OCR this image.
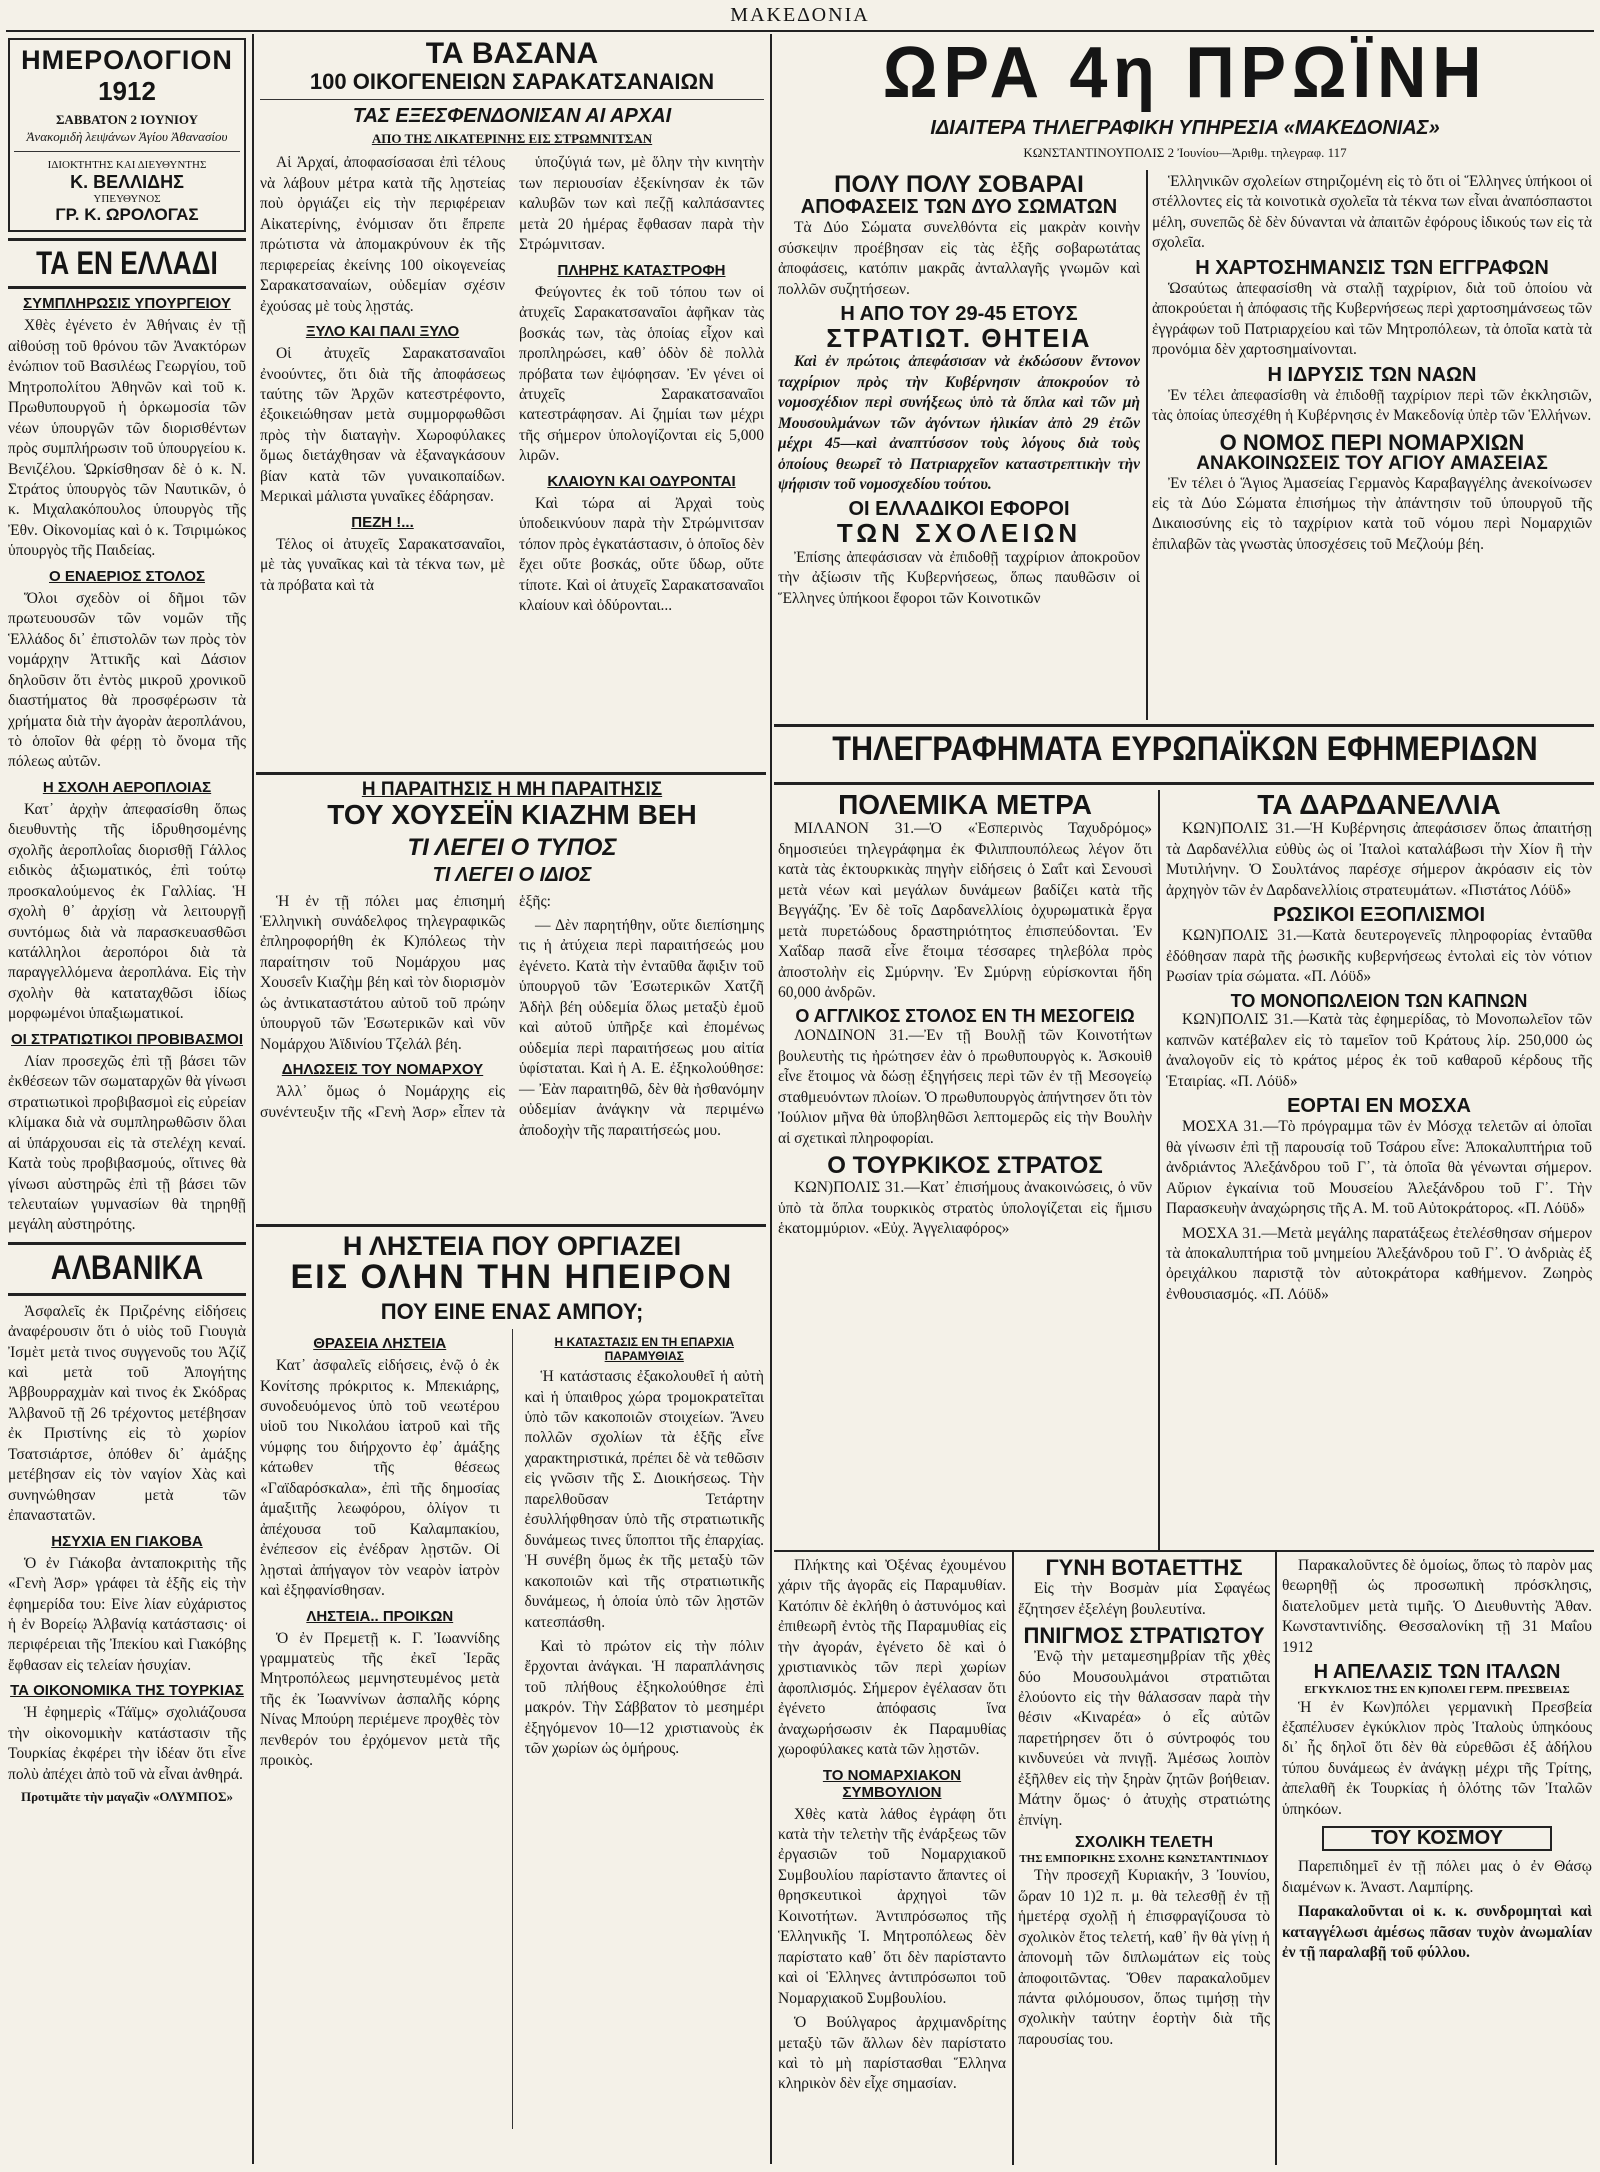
ΜΑΚΕΔΟΝΙΑ
ΗΜΕΡΟΛΟΓΙΟΝ
1912
ΣΑΒΒΑΤΟΝ 2 ΙΟΥΝΙΟΥ
Ἀνακομιδὴ λειψάνων Ἁγίου Ἀθανασίου
ΙΔΙΟΚΤΗΤΗΣ ΚΑΙ ΔΙΕΥΘΥΝΤΗΣ
Κ. ΒΕΛΛΙΔΗΣ
ΥΠΕΥΘΥΝΟΣ
ΓΡ. Κ. ΩΡΟΛΟΓΑΣ
ΤΑ ΕΝ ΕΛΛΑΔΙ
ΣΥΜΠΛΗΡΩΣΙΣ ΥΠΟΥΡΓΕΙΟΥ

Χθὲς ἐγένετο ἐν Ἀθήναις ἐν τῇ αἰθούσῃ τοῦ θρόνου τῶν Ἀνακτόρων ἐνώπιον τοῦ Βασιλέως Γεωργίου, τοῦ Μητροπολίτου Ἀθηνῶν καὶ τοῦ κ. Πρωθυπουργοῦ ἡ ὁρκωμοσία τῶν νέων ὑπουργῶν τῶν διορισθέντων πρὸς συμπλήρωσιν τοῦ ὑπουργείου κ. Βενιζέλου. Ὡρκίσθησαν δὲ ὁ κ. Ν. Στράτος ὑπουργὸς τῶν Ναυτικῶν, ὁ κ. Μιχαλακόπουλος ὑπουργὸς τῆς Ἐθν. Οἰκονομίας καὶ ὁ κ. Τσιριμώκος ὑπουργὸς τῆς Παιδείας.

Ο ΕΝΑΕΡΙΟΣ ΣΤΟΛΟΣ

Ὅλοι σχεδὸν οἱ δῆμοι τῶν πρωτευουσῶν τῶν νομῶν τῆς Ἑλλάδος δι᾽ ἐπιστολῶν των πρὸς τὸν νομάρχην Ἀττικῆς καὶ Δάσιον δηλοῦσιν ὅτι ἐντὸς μικροῦ χρονικοῦ διαστήματος θὰ προσφέρωσιν τὰ χρήματα διὰ τὴν ἀγορὰν ἀεροπλάνου, τὸ ὁποῖον θὰ φέρῃ τὸ ὄνομα τῆς πόλεως αὐτῶν.

Η ΣΧΟΛΗ ΑΕΡΟΠΛΟΙΑΣ

Κατ᾽ ἀρχὴν ἀπεφασίσθη ὅπως διευθυντὴς τῆς ἱδρυθησομένης σχολῆς ἀεροπλοΐας διορισθῇ Γάλλος ειδικὸς ἀξιωματικός, ἐπὶ τούτῳ προσκαλούμενος ἐκ Γαλλίας. Ἡ σχολὴ θ᾽ ἀρχίσῃ νὰ λειτουργῇ συντόμως διὰ νὰ παρασκευασθῶσι κατάλληλοι ἀεροπόροι διὰ τὰ παραγγελλόμενα ἀεροπλάνα. Εἰς τὴν σχολὴν θὰ καταταχθῶσι ἰδίως μορφωμένοι ὑπαξιωματικοί.

ΟΙ ΣΤΡΑΤΙΩΤΙΚΟΙ ΠΡΟΒΙΒΑΣΜΟΙ

Λίαν προσεχῶς ἐπὶ τῇ βάσει τῶν ἐκθέσεων τῶν σωματαρχῶν θὰ γίνωσι στρατιωτικοὶ προβιβασμοὶ εἰς εὐρείαν κλίμακα διὰ νὰ συμπληρωθῶσιν ὅλαι αἱ ὑπάρχουσαι εἰς τὰ στελέχη κεναί. Κατὰ τοὺς προβιβασμούς, οἵτινες θὰ γίνωσι αὐστηρῶς ἐπὶ τῇ βάσει τῶν τελευταίων γυμνασίων θὰ τηρηθῇ μεγάλη αὐστηρότης.

ΑΛΒΑΝΙΚΑ

Ἀσφαλεῖς ἐκ Πριζρένης εἰδήσεις ἀναφέρουσιν ὅτι ὁ υἱὸς τοῦ Γιουγιὰ Ἰσμὲτ μετὰ τινος συγγενοῦς του Ἀζίζ καὶ μετὰ τοῦ Ἀπογήτης Ἀββουρραχμὰν καὶ τινος ἐκ Σκόδρας Ἀλβανοῦ τῇ 26 τρέχοντος μετέβησαν ἐκ Πριστίνης εἰς τὸ χωρίον Τσατσιάρτσε, ὁπόθεν δι᾽ ἀμάξης μετέβησαν εἰς τὸν ναγίον Χὰς καὶ συνηνώθησαν μετὰ τῶν ἐπαναστατῶν.

ΗΣΥΧΙΑ ΕΝ ΓΙΑΚΟΒΑ

Ὁ ἐν Γιάκοβα ἀνταποκριτὴς τῆς «Γενὴ Ἀσρ» γράφει τὰ ἑξῆς εἰς τὴν ἐφημερίδα του: Εἰνε λίαν εὐχάριστος ἡ ἐν Βορείῳ Ἀλβανίᾳ κατάστασις· οἱ περιφέρειαι τῆς Ἰπεκίου καὶ Γιακόβης ἔφθασαν εἰς τελείαν ἡσυχίαν.

ΤΑ ΟΙΚΟΝΟΜΙΚΑ ΤΗΣ ΤΟΥΡΚΙΑΣ

Ἡ ἐφημερὶς «Τάϊμς» σχολιάζουσα τὴν οἰκονομικὴν κατάστασιν τῆς Τουρκίας ἐκφέρει τὴν ἰδέαν ὅτι εἶνε πολὺ ἀπέχει ἀπὸ τοῦ νὰ εἶναι ἀνθηρά.

Προτιμᾶτε τὴν μαγαζὶν «ΟΛΥΜΠΟΣ»
ΤΑ ΒΑΣΑΝΑ
100 ΟΙΚΟΓΕΝΕΙΩΝ ΣΑΡΑΚΑΤΣΑΝΑΙΩΝ
ΤΑΣ ΕΞΕΣΦΕΝΔΟΝΙΣΑΝ ΑΙ ΑΡΧΑΙ
ΑΠΟ ΤΗΣ ΛΙΚΑΤΕΡΙΝΗΣ ΕΙΣ ΣΤΡΩΜΝΙΤΣΑΝ

Αἱ Ἀρχαί, ἀποφασίσασαι ἐπὶ τέλους νὰ λάβουν μέτρα κατὰ τῆς λῃστείας ποὺ ὀργιάζει εἰς τὴν περιφέρειαν Αἰκατερίνης, ἐνόμισαν ὅτι ἔπρεπε πρώτιστα νὰ ἀπομακρύνουν ἐκ τῆς περιφερείας ἐκείνης 100 οἰκογενείας Σαρακατσαναίων, οὐδεμίαν σχέσιν ἐχούσας μὲ τοὺς λῃστάς.

ΞΥΛΟ ΚΑΙ ΠΑΛΙ ΞΥΛΟ

Οἱ ἀτυχεῖς Σαρακατσαναῖοι ἐνοούντες, ὅτι διὰ τῆς ἀποφάσεως ταύτης τῶν Ἀρχῶν κατεστρέφοντο, ἐξοικειώθησαν μετὰ συμμορφωθῶσι πρὸς τὴν διαταγὴν. Χωροφύλακες ὅμως διετάχθησαν νὰ ἐξαναγκάσουν βίαν κατὰ τῶν γυναικοπαίδων. Μερικαὶ μάλιστα γυναῖκες ἐδάρησαν.

ΠΕΖΗ !...

Τέλος οἱ ἀτυχεῖς Σαρακατσαναῖοι, μὲ τὰς γυναῖκας καὶ τὰ τέκνα των, μὲ τὰ πρόβατα καὶ τὰ

ὑποζύγιά των, μὲ ὅλην τὴν κινητὴν των περιουσίαν ἐξεκίνησαν ἐκ τῶν καλυβῶν των καὶ πεζῇ καλπάσαντες μετὰ 20 ἡμέρας ἔφθασαν παρὰ τὴν Στρώμνιτσαν.

ΠΛΗΡΗΣ ΚΑΤΑΣΤΡΟΦΗ

Φεύγοντες ἐκ τοῦ τόπου των οἱ ἀτυχεῖς Σαρακατσαναῖοι ἀφῆκαν τὰς βοσκάς των, τὰς ὁποίας εἶχον καὶ προπληρώσει, καθ᾽ ὁδὸν δὲ πολλὰ πρόβατα των ἐψόφησαν. Ἐν γένει οἱ ἀτυχεῖς Σαρακατσαναῖοι κατεστράφησαν. Αἱ ζημίαι των μέχρι τῆς σήμερον ὑπολογίζονται εἰς 5,000 λιρῶν.

ΚΛΑΙΟΥΝ ΚΑΙ ΟΔΥΡΟΝΤΑΙ

Καὶ τώρα αἱ Ἀρχαὶ τοὺς ὑποδεικνύουν παρὰ τὴν Στρώμνιτσαν τόπον πρὸς ἐγκατάστασιν, ὁ ὁποῖος δὲν ἔχει οὔτε βοσκάς, οὔτε ὕδωρ, οὔτε τίποτε. Καὶ οἱ ἀτυχεῖς Σαρακατσαναῖοι κλαίουν καὶ ὀδύρονται...

Η ΠΑΡΑΙΤΗΣΙΣ Η ΜΗ ΠΑΡΑΙΤΗΣΙΣ
ΤΟΥ ΧΟΥΣΕΪΝ ΚΙΑΖΗΜ ΒΕΗ
ΤΙ ΛΕΓΕΙ Ο ΤΥΠΟΣ
ΤΙ ΛΕΓΕΙ Ο ΙΔΙΟΣ

Ἡ ἐν τῇ πόλει μας ἐπισημή Ἑλληνικὴ συνάδελφος τηλεγραφικῶς ἐπληροφορήθη ἐκ Κ)πόλεως τὴν παραίτησιν τοῦ Νομάρχου μας Χουσεΐν Κιαζὴμ βέη καὶ τὸν διορισμὸν ὡς ἀντικαταστάτου αὐτοῦ τοῦ πρώην ὑπουργοῦ τῶν Ἐσωτερικῶν καὶ νῦν Νομάρχου Ἀϊδινίου Τζελάλ βέη.

ΔΗΛΩΣΕΙΣ ΤΟΥ ΝΟΜΑΡΧΟΥ

Ἀλλ᾽ ὅμως ὁ Νομάρχης εἰς συνέντευξιν τῆς «Γενὴ Ἀσρ» εἶπεν τὰ ἑξῆς:

— Δὲν παρητήθην, οὔτε διεπίσημης τις ἡ ἀτύχεια περὶ παραιτήσεώς μου ἐγένετο. Κατὰ τὴν ἐνταῦθα ἄφιξιν τοῦ ὑπουργοῦ τῶν Ἐσωτερικῶν Χατζῆ Ἀδὴλ βέη οὐδεμία ὅλως μεταξὺ ἐμοῦ καὶ αὐτοῦ ὑπῆρξε καὶ ἐπομένως οὐδεμία περὶ παραιτήσεως μου αἰτία ὑφίσταται. Καὶ ἡ Α. Ε. ἐξηκολούθησε: — Ἐὰν παραιτηθῶ, δὲν θὰ ἠσθανόμην οὐδεμίαν ἀνάγκην νὰ περιμένω ἀποδοχὴν τῆς παραιτήσεώς μου.

Η ΛΗΣΤΕΙΑ ΠΟΥ ΟΡΓΙΑΖΕΙ
ΕΙΣ ΟΛΗΝ ΤΗΝ ΗΠΕΙΡΟΝ
ΠΟΥ ΕΙΝΕ ΕΝΑΣ ΑΜΠΟΥ;
ΘΡΑΣΕΙΑ ΛΗΣΤΕΙΑ

Κατ᾽ ἀσφαλεῖς εἰδήσεις, ἐνῷ ὁ ἐκ Κονίτσης πρόκριτος κ. Μπεκιάρης, συνοδευόμενος ὑπὸ τοῦ νεωτέρου υἱοῦ του Νικολάου ἰατροῦ καὶ τῆς νύμφης του διήρχοντο ἐφ᾽ ἁμάξης κάτωθεν τῆς θέσεως «Γαϊδαρόσκαλα», ἐπὶ τῆς δημοσίας ἁμαξιτῆς λεωφόρου, ὀλίγον τι ἀπέχουσα τοῦ Καλαμπακίου, ἐνέπεσον εἰς ἐνέδραν λῃστῶν. Οἱ λῃσταὶ ἀπήγαγον τὸν νεαρὸν ἰατρὸν καὶ ἐξηφανίσθησαν.

ΛΗΣΤΕΙΑ.. ΠΡΟΙΚΩΝ

Ὁ ἐν Πρεμετῇ κ. Γ. Ἰωαννίδης γραμματεὺς τῆς ἐκεῖ Ἱερᾶς Μητροπόλεως μεμνηστευμένος μετὰ τῆς ἐκ Ἰωαννίνων ἀσπαλῆς κόρης Νίνας Μπούρη περιέμενε προχθὲς τὸν πενθερόν του ἐρχόμενον μετὰ τῆς προικὸς.

Η ΚΑΤΑΣΤΑΣΙΣ ΕΝ ΤΗ ΕΠΑΡΧΙΑ ΠΑΡΑΜΥΘΙΑΣ

Ἡ κατάστασις ἐξακολουθεῖ ἡ αὐτὴ καὶ ἡ ὑπαιθρος χώρα τρομοκρατεῖται ὑπὸ τῶν κακοποιῶν στοιχείων. Ἄνευ πολλῶν σχολίων τὰ ἑξῆς εἶνε χαρακτηριστικά, πρέπει δὲ νὰ τεθῶσιν εἰς γνῶσιν τῆς Σ. Διοικήσεως. Τὴν παρελθοῦσαν Τετάρτην ἐσυλλήφθησαν ὑπὸ τῆς στρατιωτικῆς δυνάμεως τινες ὕποπτοι τῆς ἐπαρχίας. Ἡ συνέβη ὅμως ἐκ τῆς μεταξὺ τῶν κακοποιῶν καὶ τῆς στρατιωτικῆς δυνάμεως, ἡ ὁποία ὑπὸ τῶν λῃστῶν κατεσπάσθη.

Καὶ τὸ πρώτον εἰς τὴν πόλιν ἔρχονται ἀνάγκαι. Ἡ παραπλάνησις τοῦ πλήθους ἐξηκολούθησε ἐπὶ μακρόν. Τὴν Σάββατον τὸ μεσημέρι ἐξηγόμενον 10—12 χριστιανοὺς ἐκ τῶν χωρίων ὡς ὁμήρους.

ΩΡΑ 4η ΠΡΩΪΝΗ
ΙΔΙΑΙΤΕΡΑ ΤΗΛΕΓΡΑΦΙΚΗ ΥΠΗΡΕΣΙΑ «ΜΑΚΕΔΟΝΙΑΣ»
ΚΩΝΣΤΑΝΤΙΝΟΥΠΟΛΙΣ 2 Ἰουνίου—Ἀριθμ. τηλεγραφ. 117
ΠΟΛΥ ΠΟΛΥ ΣΟΒΑΡΑΙ
ΑΠΟΦΑΣΕΙΣ ΤΩΝ ΔΥΟ ΣΩΜΑΤΩΝ

Τὰ Δύο Σώματα συνελθόντα εἰς μακρὰν κοινὴν σύσκεψιν προέβησαν εἰς τὰς ἑξῆς σοβαρωτάτας ἀποφάσεις, κατόπιν μακρᾶς ἀνταλλαγῆς γνωμῶν καὶ πολλῶν συζητήσεων.

Η ΑΠΟ ΤΟΥ 29-45 ΕΤΟΥΣ
ΣΤΡΑΤΙΩΤ. ΘΗΤΕΙΑ

Καὶ ἐν πρώτοις ἀπεφάσισαν νὰ ἐκδώσουν ἔντονον ταχρίριον πρὸς τὴν Κυβέρνησιν ἀποκρούον τὸ νομοσχέδιον περὶ συνήξεως ὑπὸ τὰ ὅπλα καὶ τῶν μὴ Μουσουλμάνων τῶν ἀγόντων ἡλικίαν ἀπὸ 29 ἐτῶν μέχρι 45—καὶ ἀναπτύσσον τοὺς λόγους διὰ τοὺς ὁποίους θεωρεῖ τὸ Πατριαρχεῖον καταστρεπτικὴν τὴν ψήφισιν τοῦ νομοσχεδίου τούτου.

ΟΙ ΕΛΛΑΔΙΚΟΙ ΕΦΟΡΟΙ
ΤΩΝ ΣΧΟΛΕΙΩΝ

Ἐπίσης ἀπεφάσισαν νὰ ἐπιδοθῇ ταχρίριον ἀποκροῦον τὴν ἀξίωσιν τῆς Κυβερνήσεως, ὅπως παυθῶσιν οἱ Ἕλληνες ὑπήκοοι ἔφοροι τῶν Κοινοτικῶν

Ἑλληνικῶν σχολείων στηριζομένη εἰς τὸ ὅτι οἱ Ἕλληνες ὑπήκοοι οἱ στέλλοντες εἰς τὰ κοινοτικὰ σχολεῖα τὰ τέκνα των εἶναι ἀναπόσπαστοι μέλη, συνεπῶς δὲ δὲν δύνανται νὰ ἀπαιτῶν ἐφόρους ἰδικούς των εἰς τὰ σχολεῖα.

Η ΧΑΡΤΟΣΗΜΑΝΣΙΣ ΤΩΝ ΕΓΓΡΑΦΩΝ

Ὡσαύτως ἀπεφασίσθη νὰ σταλῇ ταχρίριον, διὰ τοῦ ὁποίου νὰ ἀποκρούεται ἡ ἀπόφασις τῆς Κυβερνήσεως περὶ χαρτοσημάνσεως τῶν ἐγγράφων τοῦ Πατριαρχείου καὶ τῶν Μητροπόλεων, τὰ ὁποῖα κατὰ τὰ προνόμια δὲν χαρτοσημαίνονται.

Η ΙΔΡΥΣΙΣ ΤΩΝ ΝΑΩΝ

Ἐν τέλει ἀπεφασίσθη νὰ ἐπιδοθῇ ταχρίριον περὶ τῶν ἐκκλησιῶν, τὰς ὁποίας ὑπεσχέθη ἡ Κυβέρνησις ἐν Μακεδονίᾳ ὑπὲρ τῶν Ἑλλήνων.

Ο ΝΟΜΟΣ ΠΕΡΙ ΝΟΜΑΡΧΙΩΝ
ΑΝΑΚΟΙΝΩΣΕΙΣ ΤΟΥ ΑΓΙΟΥ ΑΜΑΣΕΙΑΣ

Ἐν τέλει ὁ Ἅγιος Ἀμασείας Γερμανὸς Καραβαγγέλης ἀνεκοίνωσεν εἰς τὰ Δύο Σώματα ἐπισήμως τὴν ἀπάντησιν τοῦ ὑπουργοῦ τῆς Δικαιοσύνης εἰς τὸ ταχρίριον κατὰ τοῦ νόμου περὶ Νομαρχιῶν ἐπιλαβῶν τὰς γνωστὰς ὑποσχέσεις τοῦ Μεζλούμ βέη.

ΤΗΛΕΓΡΑΦΗΜΑΤΑ ΕΥΡΩΠΑΪΚΩΝ ΕΦΗΜΕΡΙΔΩΝ
ΠΟΛΕΜΙΚΑ ΜΕΤΡΑ

ΜΙΛΑΝΟΝ 31.—Ὁ «Ἑσπερινὸς Ταχυδρόμος» δημοσιεύει τηλεγράφημα ἐκ Φιλιππουπόλεως λέγον ὅτι κατὰ τὰς ἐκτουρκικὰς πηγὴν εἰδήσεις ὁ Σαΐτ καὶ Σενουσὶ μετὰ νέων καὶ μεγάλων δυνάμεων βαδίζει κατὰ τῆς Βεγγάζης. Ἐν δὲ τοῖς Δαρδανελλίοις ὀχυρωματικὰ ἔργα μετὰ πυρετώδους δραστηριότητος ἐπισπεύδονται. Ἐν Χαΐδαρ πασᾶ εἶνε ἕτοιμα τέσσαρες τηλεβόλα πρὸς ἀποστολὴν εἰς Σμύρνην. Ἐν Σμύρνῃ εὑρίσκονται ἤδη 60,000 ἀνδρῶν.

Ο ΑΓΓΛΙΚΟΣ ΣΤΟΛΟΣ ΕΝ ΤΗ ΜΕΣΟΓΕΙΩ

ΛΟΝΔΙΝΟΝ 31.—Ἐν τῇ Βουλῇ τῶν Κοινοτήτων βουλευτὴς τις ἠρώτησεν ἐὰν ὁ πρωθυπουργὸς κ. Ἀσκουὶθ εἶνε ἕτοιμος νὰ δώσῃ ἐξηγήσεις περὶ τῶν ἐν τῇ Μεσογείῳ σταθμευόντων πλοίων. Ὁ πρωθυπουργὸς ἀπήντησεν ὅτι τὸν Ἰούλιον μῆνα θὰ ὑποβληθῶσι λεπτομερῶς εἰς τὴν Βουλὴν αἱ σχετικαὶ πληροφορίαι.

Ο ΤΟΥΡΚΙΚΟΣ ΣΤΡΑΤΟΣ

ΚΩΝ)ΠΟΛΙΣ 31.—Κατ᾽ ἐπισήμους ἀνακοινώσεις, ὁ νῦν ὑπὸ τὰ ὅπλα τουρκικὸς στρατὸς ὑπολογίζεται εἰς ἥμισυ ἑκατομμύριον. «Εὐχ. Ἀγγελιαφόρος»

ΤΑ ΔΑΡΔΑΝΕΛΛΙΑ

ΚΩΝ)ΠΟΛΙΣ 31.—Ἡ Κυβέρνησις ἀπεφάσισεν ὅπως ἀπαιτήσῃ τὰ Δαρδανέλλια εὐθὺς ὡς οἱ Ἰταλοὶ καταλάβωσι τὴν Χίον ἢ τὴν Μυτιλήνην. Ὁ Σουλτάνος παρέσχε σήμερον ἀκρόασιν εἰς τὸν ἀρχηγὸν τῶν ἐν Δαρδανελλίοις στρατευμάτων. «Πιστάτος Λόϋδ»

ΡΩΣΙΚΟΙ ΕΞΟΠΛΙΣΜΟΙ

ΚΩΝ)ΠΟΛΙΣ 31.—Κατὰ δευτερογενεῖς πληροφορίας ἐνταῦθα ἐδόθησαν παρὰ τῆς ῥωσικῆς κυβερνήσεως ἐντολαὶ εἰς τὸν νότιον Ρωσίαν τρία σώματα. «Π. Λόϋδ»

ΤΟ ΜΟΝΟΠΩΛΕΙΟΝ ΤΩΝ ΚΑΠΝΩΝ

ΚΩΝ)ΠΟΛΙΣ 31.—Κατὰ τὰς ἐφημερίδας, τὸ Μονοπωλεῖον τῶν καπνῶν κατέβαλεν εἰς τὸ ταμεῖον τοῦ Κράτους λίρ. 250,000 ὡς ἀναλογοῦν εἰς τὸ κράτος μέρος ἐκ τοῦ καθαροῦ κέρδους τῆς Ἑταιρίας. «Π. Λόϋδ»

ΕΟΡΤΑΙ ΕΝ ΜΟΣΧΑ

ΜΟΣΧΑ 31.—Τὸ πρόγραμμα τῶν ἐν Μόσχᾳ τελετῶν αἱ ὁποῖαι θὰ γίνωσιν ἐπὶ τῇ παρουσίᾳ τοῦ Τσάρου εἶνε: Ἀποκαλυπτήρια τοῦ ἀνδριάντος Ἀλεξάνδρου τοῦ Γ᾽, τὰ ὁποῖα θὰ γένωνται σήμερον. Αὔριον ἐγκαίνια τοῦ Μουσείου Ἀλεξάνδρου τοῦ Γ᾽. Τὴν Παρασκευὴν ἀναχώρησις τῆς Α. Μ. τοῦ Αὐτοκράτορος. «Π. Λόϋδ»

ΜΟΣΧΑ 31.—Μετὰ μεγάλης παρατάξεως ἐτελέσθησαν σήμερον τὰ ἀποκαλυπτήρια τοῦ μνημείου Ἀλεξάνδρου τοῦ Γ᾽. Ὁ ἀνδριὰς ἐξ ὀρειχάλκου παριστᾷ τὸν αὐτοκράτορα καθήμενον. Ζωηρὸς ἐνθουσιασμός. «Π. Λόϋδ»

Πλήκτης καὶ Ὀξένας ἐχουμένου χάριν τῆς ἀγορᾶς εἰς Παραμυθίαν. Κατόπιν δὲ ἐκλήθη ὁ ἀστυνόμος καὶ ἐπιθεωρῆ ἐντὸς τῆς Παραμυθίας εἰς τὴν ἀγοράν, ἐγένετο δὲ καὶ ὁ χριστιανικὸς τῶν περὶ χωρίων ἀφοπλισμός. Σήμερον ἐγέλασαν ὅτι ἐγένετο ἀπόφασις ἵνα ἀναχωρήσωσιν ἐκ Παραμυθίας χωροφύλακες κατὰ τῶν λῃστῶν.

ΤΟ ΝΟΜΑΡΧΙΑΚΟΝ ΣΥΜΒΟΥΛΙΟΝ

Χθὲς κατὰ λάθος ἐγράφη ὅτι κατὰ τὴν τελετὴν τῆς ἐνάρξεως τῶν ἐργασιῶν τοῦ Νομαρχιακοῦ Συμβουλίου παρίσταντο ἅπαντες οἱ θρησκευτικοὶ ἀρχηγοὶ τῶν Κοινοτήτων. Ἀντιπρόσωπος τῆς Ἑλληνικῆς Ἱ. Μητροπόλεως δὲν παρίστατο καθ᾽ ὅτι δὲν παρίσταντο καὶ οἱ Ἑλληνες ἀντιπρόσωποι τοῦ Νομαρχιακοῦ Συμβουλίου.

Ὁ Βούλγαρος ἀρχιμανδρίτης μεταξὺ τῶν ἄλλων δὲν παρίστατο καὶ τὸ μὴ παρίστασθαι Ἕλληνα κληρικὸν δὲν εἶχε σημασίαν.

ΓΥΝΗ ΒΟΤΑΕΤΤΗΣ

Εἰς τὴν Βοσμὰν μία Σφαγέως ἔζητησεν ἐξελέγη βουλευτίνα.

ΠΝΙΓΜΟΣ ΣΤΡΑΤΙΩΤΟΥ

Ἐνῷ τὴν μεταμεσημβρίαν τῆς χθὲς δύο Μουσουλμάνοι στρατιῶται ἐλούοντο εἰς τὴν θάλασσαν παρὰ τὴν θέσιν «Κιναρέα» ὁ εἷς αὐτῶν παρετήρησεν ὅτι ὁ σύντροφός του κινδυνεύει νὰ πνιγῇ. Ἀμέσως λοιπὸν ἐξῆλθεν εἰς τὴν ξηρὰν ζητῶν βοήθειαν. Μάτην ὅμως· ὁ ἀτυχὴς στρατιώτης ἐπνίγη.

ΣΧΟΛΙΚΗ ΤΕΛΕΤΗ
ΤΗΣ ΕΜΠΟΡΙΚΗΣ ΣΧΟΛΗΣ ΚΩΝΣΤΑΝΤΙΝΙΔΟΥ

Τὴν προσεχῆ Κυριακήν, 3 Ἰουνίου, ὥραν 10 1)2 π. μ. θὰ τελεσθῇ ἐν τῇ ἡμετέρᾳ σχολῇ ἡ ἐπισφραγίζουσα τὸ σχολικὸν ἔτος τελετή, καθ᾽ ἣν θὰ γίνῃ ἡ ἀπονομὴ τῶν διπλωμάτων εἰς τοὺς ἀποφοιτῶντας. Ὅθεν παρακαλοῦμεν πάντα φιλόμουσον, ὅπως τιμήσῃ τὴν σχολικὴν ταύτην ἑορτὴν διὰ τῆς παρουσίας του.

Παρακαλοῦντες δὲ ὁμοίως, ὅπως τὸ παρὸν μας θεωρηθῇ ὡς προσωπικὴ πρόσκλησις, διατελοῦμεν μετὰ τιμῆς. Ὁ Διευθυντὴς Ἀθαν. Κωνσταντινίδης. Θεσσαλονίκη τῇ 31 Μαΐου 1912

Η ΑΠΕΛΑΣΙΣ ΤΩΝ ΙΤΑΛΩΝ
ΕΓΚΥΚΛΙΟΣ ΤΗΣ ΕΝ Κ)ΠΟΛΕΙ ΓΕΡΜ. ΠΡΕΣΒΕΙΑΣ

Ἡ ἐν Κων)πόλει γερμανικὴ Πρεσβεία ἐξαπέλυσεν ἐγκύκλιον πρὸς Ἰταλοὺς ὑπηκόους δι᾽ ἧς δηλοῖ ὅτι δὲν θὰ εὑρεθῶσι ἐξ ἀδήλου τύπου δυνάμεως ἐν ἀνάγκῃ μέχρι τῆς Τρίτης, ἀπελαθῆ ἐκ Τουρκίας ἡ ὁλότης τῶν Ἰταλῶν ὑπηκόων.

ΤΟΥ ΚΟΣΜΟΥ

Παρεπιδημεῖ ἐν τῇ πόλει μας ὁ ἐν Θάσῳ διαμένων κ. Ἀναστ. Λαμπίρης.

Παρακαλοῦνται οἱ κ. κ. συνδρομηταὶ καὶ καταγγέλωσι ἀμέσως πᾶσαν τυχὸν ἀνωμαλίαν ἐν τῇ παραλαβῇ τοῦ φύλλου.
